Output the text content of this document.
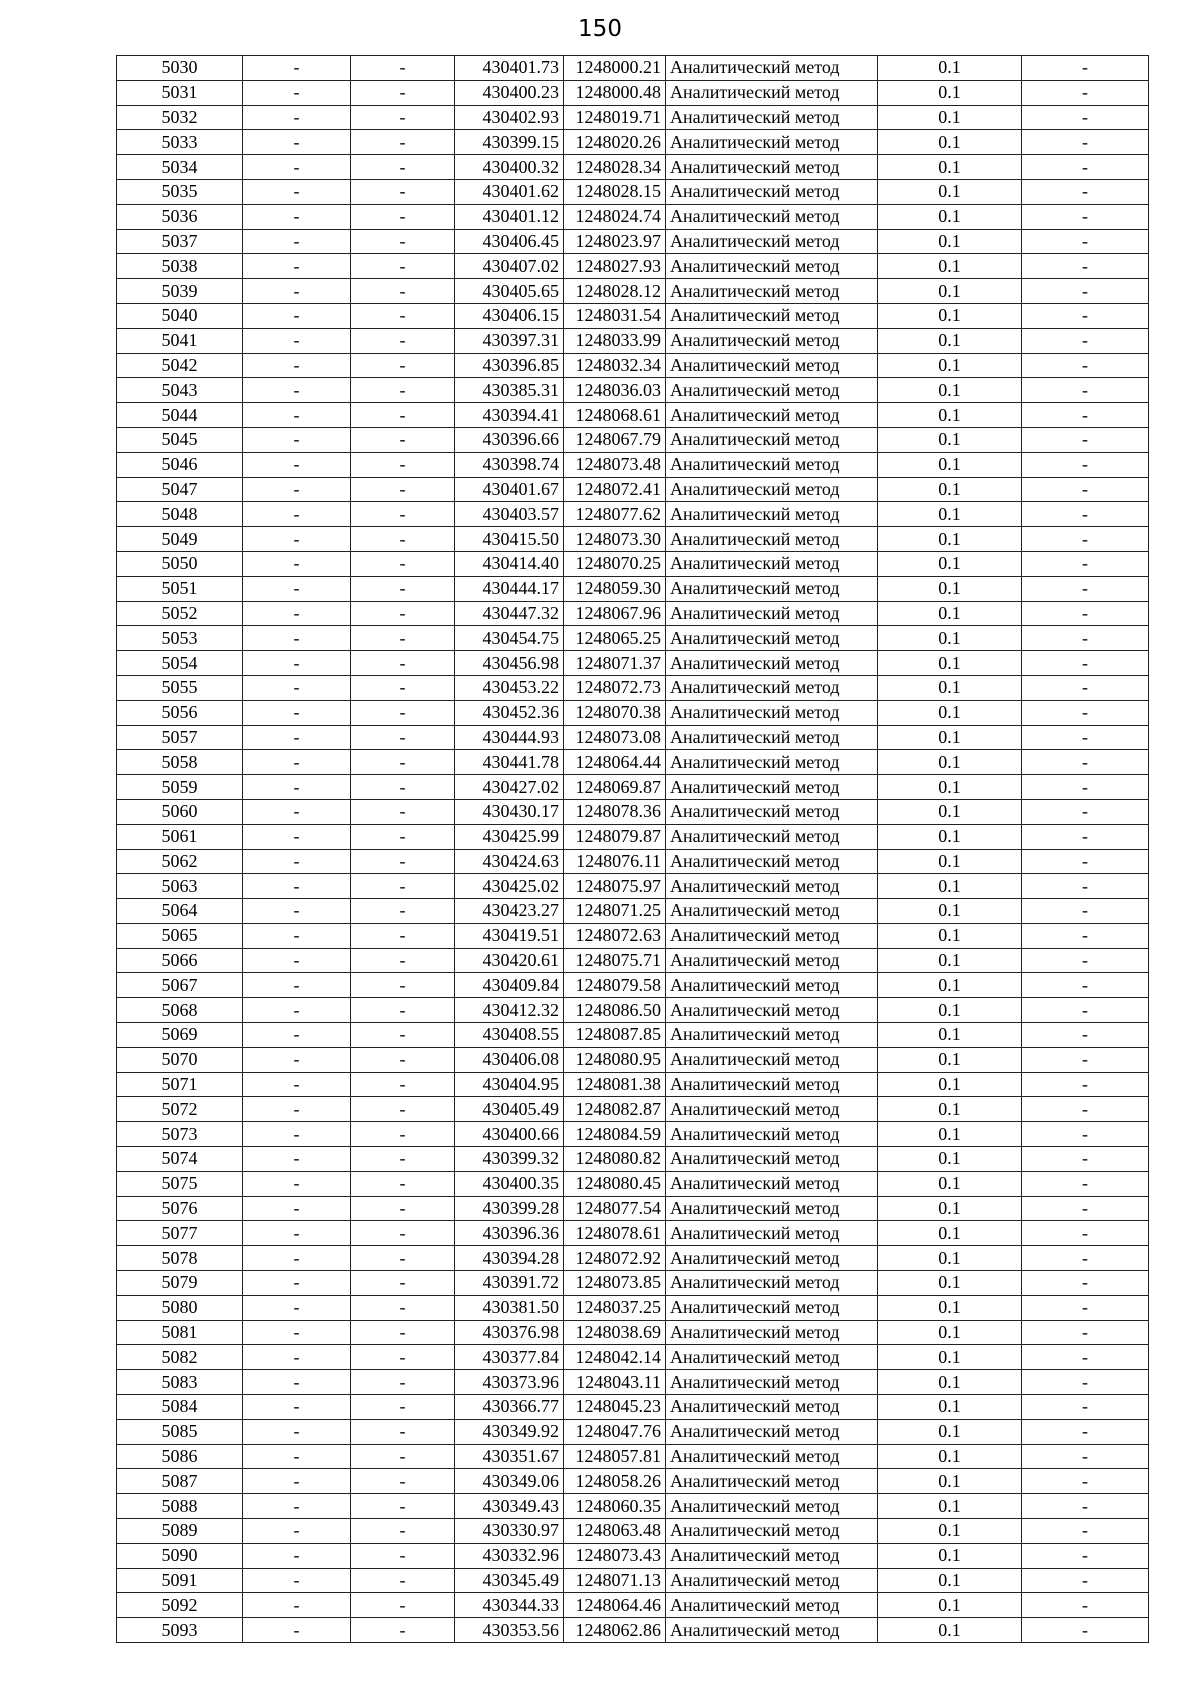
150
5030	-	-	430401.73	1248000.21	Аналитический метод	0.1	-
5031	-	-	430400.23	1248000.48	Аналитический метод	0.1	-
5032	-	-	430402.93	1248019.71	Аналитический метод	0.1	-
5033	-	-	430399.15	1248020.26	Аналитический метод	0.1	-
5034	-	-	430400.32	1248028.34	Аналитический метод	0.1	-
5035	-	-	430401.62	1248028.15	Аналитический метод	0.1	-
5036	-	-	430401.12	1248024.74	Аналитический метод	0.1	-
5037	-	-	430406.45	1248023.97	Аналитический метод	0.1	-
5038	-	-	430407.02	1248027.93	Аналитический метод	0.1	-
5039	-	-	430405.65	1248028.12	Аналитический метод	0.1	-
5040	-	-	430406.15	1248031.54	Аналитический метод	0.1	-
5041	-	-	430397.31	1248033.99	Аналитический метод	0.1	-
5042	-	-	430396.85	1248032.34	Аналитический метод	0.1	-
5043	-	-	430385.31	1248036.03	Аналитический метод	0.1	-
5044	-	-	430394.41	1248068.61	Аналитический метод	0.1	-
5045	-	-	430396.66	1248067.79	Аналитический метод	0.1	-
5046	-	-	430398.74	1248073.48	Аналитический метод	0.1	-
5047	-	-	430401.67	1248072.41	Аналитический метод	0.1	-
5048	-	-	430403.57	1248077.62	Аналитический метод	0.1	-
5049	-	-	430415.50	1248073.30	Аналитический метод	0.1	-
5050	-	-	430414.40	1248070.25	Аналитический метод	0.1	-
5051	-	-	430444.17	1248059.30	Аналитический метод	0.1	-
5052	-	-	430447.32	1248067.96	Аналитический метод	0.1	-
5053	-	-	430454.75	1248065.25	Аналитический метод	0.1	-
5054	-	-	430456.98	1248071.37	Аналитический метод	0.1	-
5055	-	-	430453.22	1248072.73	Аналитический метод	0.1	-
5056	-	-	430452.36	1248070.38	Аналитический метод	0.1	-
5057	-	-	430444.93	1248073.08	Аналитический метод	0.1	-
5058	-	-	430441.78	1248064.44	Аналитический метод	0.1	-
5059	-	-	430427.02	1248069.87	Аналитический метод	0.1	-
5060	-	-	430430.17	1248078.36	Аналитический метод	0.1	-
5061	-	-	430425.99	1248079.87	Аналитический метод	0.1	-
5062	-	-	430424.63	1248076.11	Аналитический метод	0.1	-
5063	-	-	430425.02	1248075.97	Аналитический метод	0.1	-
5064	-	-	430423.27	1248071.25	Аналитический метод	0.1	-
5065	-	-	430419.51	1248072.63	Аналитический метод	0.1	-
5066	-	-	430420.61	1248075.71	Аналитический метод	0.1	-
5067	-	-	430409.84	1248079.58	Аналитический метод	0.1	-
5068	-	-	430412.32	1248086.50	Аналитический метод	0.1	-
5069	-	-	430408.55	1248087.85	Аналитический метод	0.1	-
5070	-	-	430406.08	1248080.95	Аналитический метод	0.1	-
5071	-	-	430404.95	1248081.38	Аналитический метод	0.1	-
5072	-	-	430405.49	1248082.87	Аналитический метод	0.1	-
5073	-	-	430400.66	1248084.59	Аналитический метод	0.1	-
5074	-	-	430399.32	1248080.82	Аналитический метод	0.1	-
5075	-	-	430400.35	1248080.45	Аналитический метод	0.1	-
5076	-	-	430399.28	1248077.54	Аналитический метод	0.1	-
5077	-	-	430396.36	1248078.61	Аналитический метод	0.1	-
5078	-	-	430394.28	1248072.92	Аналитический метод	0.1	-
5079	-	-	430391.72	1248073.85	Аналитический метод	0.1	-
5080	-	-	430381.50	1248037.25	Аналитический метод	0.1	-
5081	-	-	430376.98	1248038.69	Аналитический метод	0.1	-
5082	-	-	430377.84	1248042.14	Аналитический метод	0.1	-
5083	-	-	430373.96	1248043.11	Аналитический метод	0.1	-
5084	-	-	430366.77	1248045.23	Аналитический метод	0.1	-
5085	-	-	430349.92	1248047.76	Аналитический метод	0.1	-
5086	-	-	430351.67	1248057.81	Аналитический метод	0.1	-
5087	-	-	430349.06	1248058.26	Аналитический метод	0.1	-
5088	-	-	430349.43	1248060.35	Аналитический метод	0.1	-
5089	-	-	430330.97	1248063.48	Аналитический метод	0.1	-
5090	-	-	430332.96	1248073.43	Аналитический метод	0.1	-
5091	-	-	430345.49	1248071.13	Аналитический метод	0.1	-
5092	-	-	430344.33	1248064.46	Аналитический метод	0.1	-
5093	-	-	430353.56	1248062.86	Аналитический метод	0.1	-
